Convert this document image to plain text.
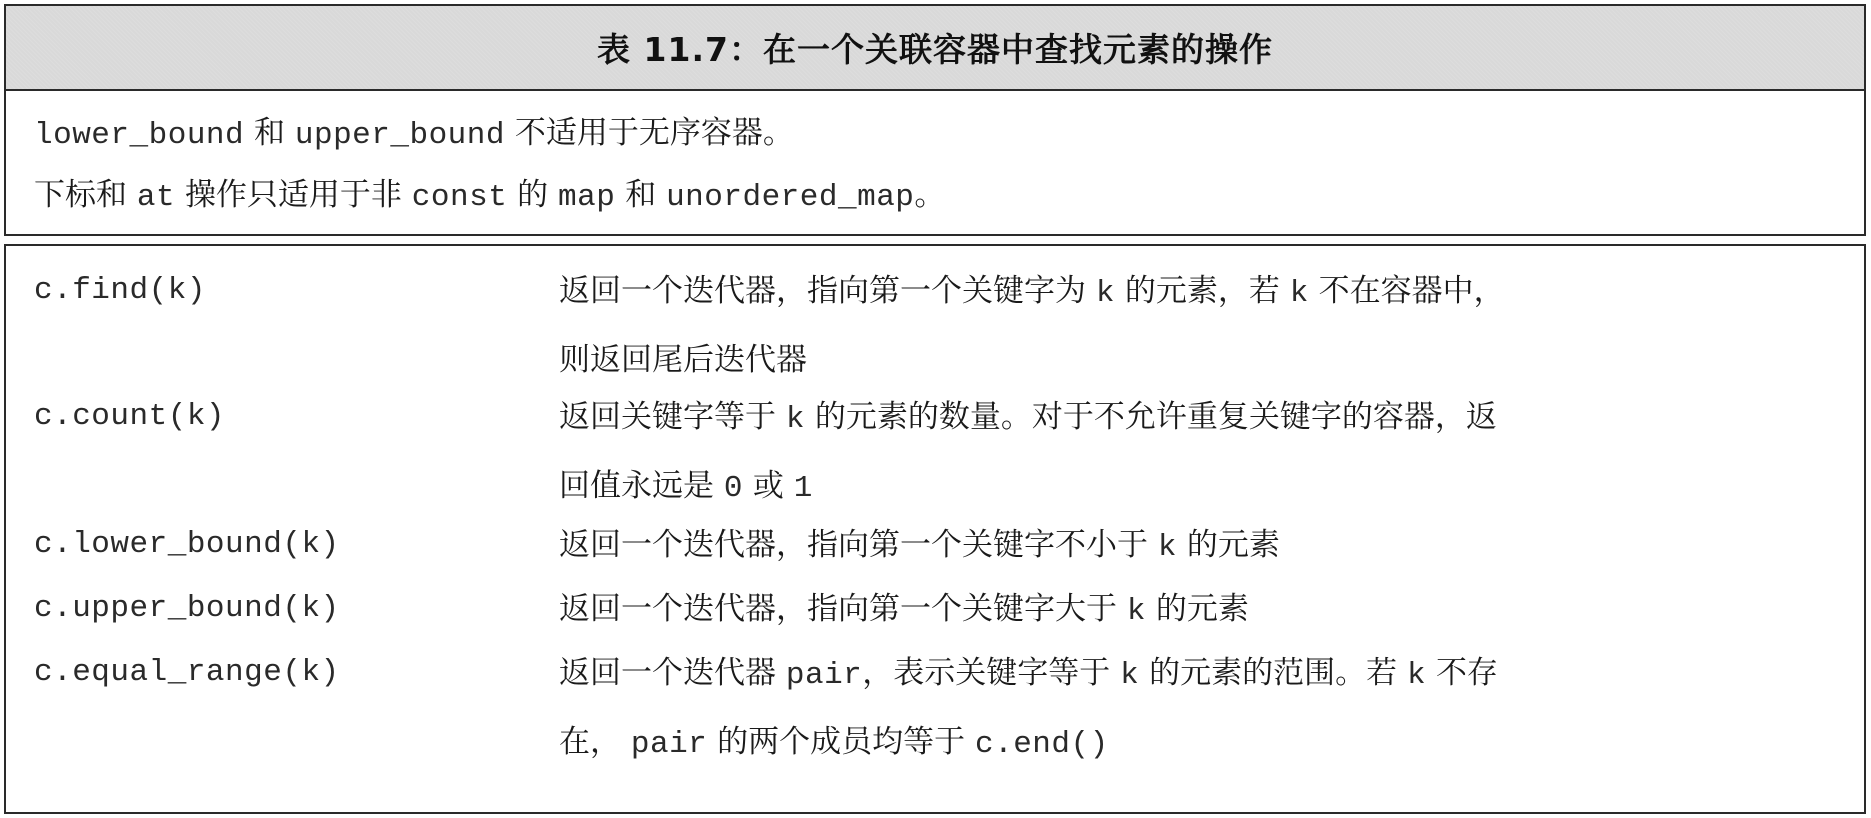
表 11.7：在一个关联容器中查找元素的操作
lower_bound 和 upper_bound 不适用于无序容器。
下标和 at 操作只适用于非 const 的 map 和 unordered_map。
c.find(k)	返回一个迭代器，指向第一个关键字为 k 的元素，若 k 不在容器中，
则返回尾后迭代器
c.count(k)	返回关键字等于 k 的元素的数量。对于不允许重复关键字的容器，返
回值永远是 0 或 1
c.lower_bound(k)	返回一个迭代器，指向第一个关键字不小于 k 的元素
c.upper_bound(k)	返回一个迭代器，指向第一个关键字大于 k 的元素
c.equal_range(k)	返回一个迭代器 pair，表示关键字等于 k 的元素的范围。若 k 不存
在， pair 的两个成员均等于 c.end()
